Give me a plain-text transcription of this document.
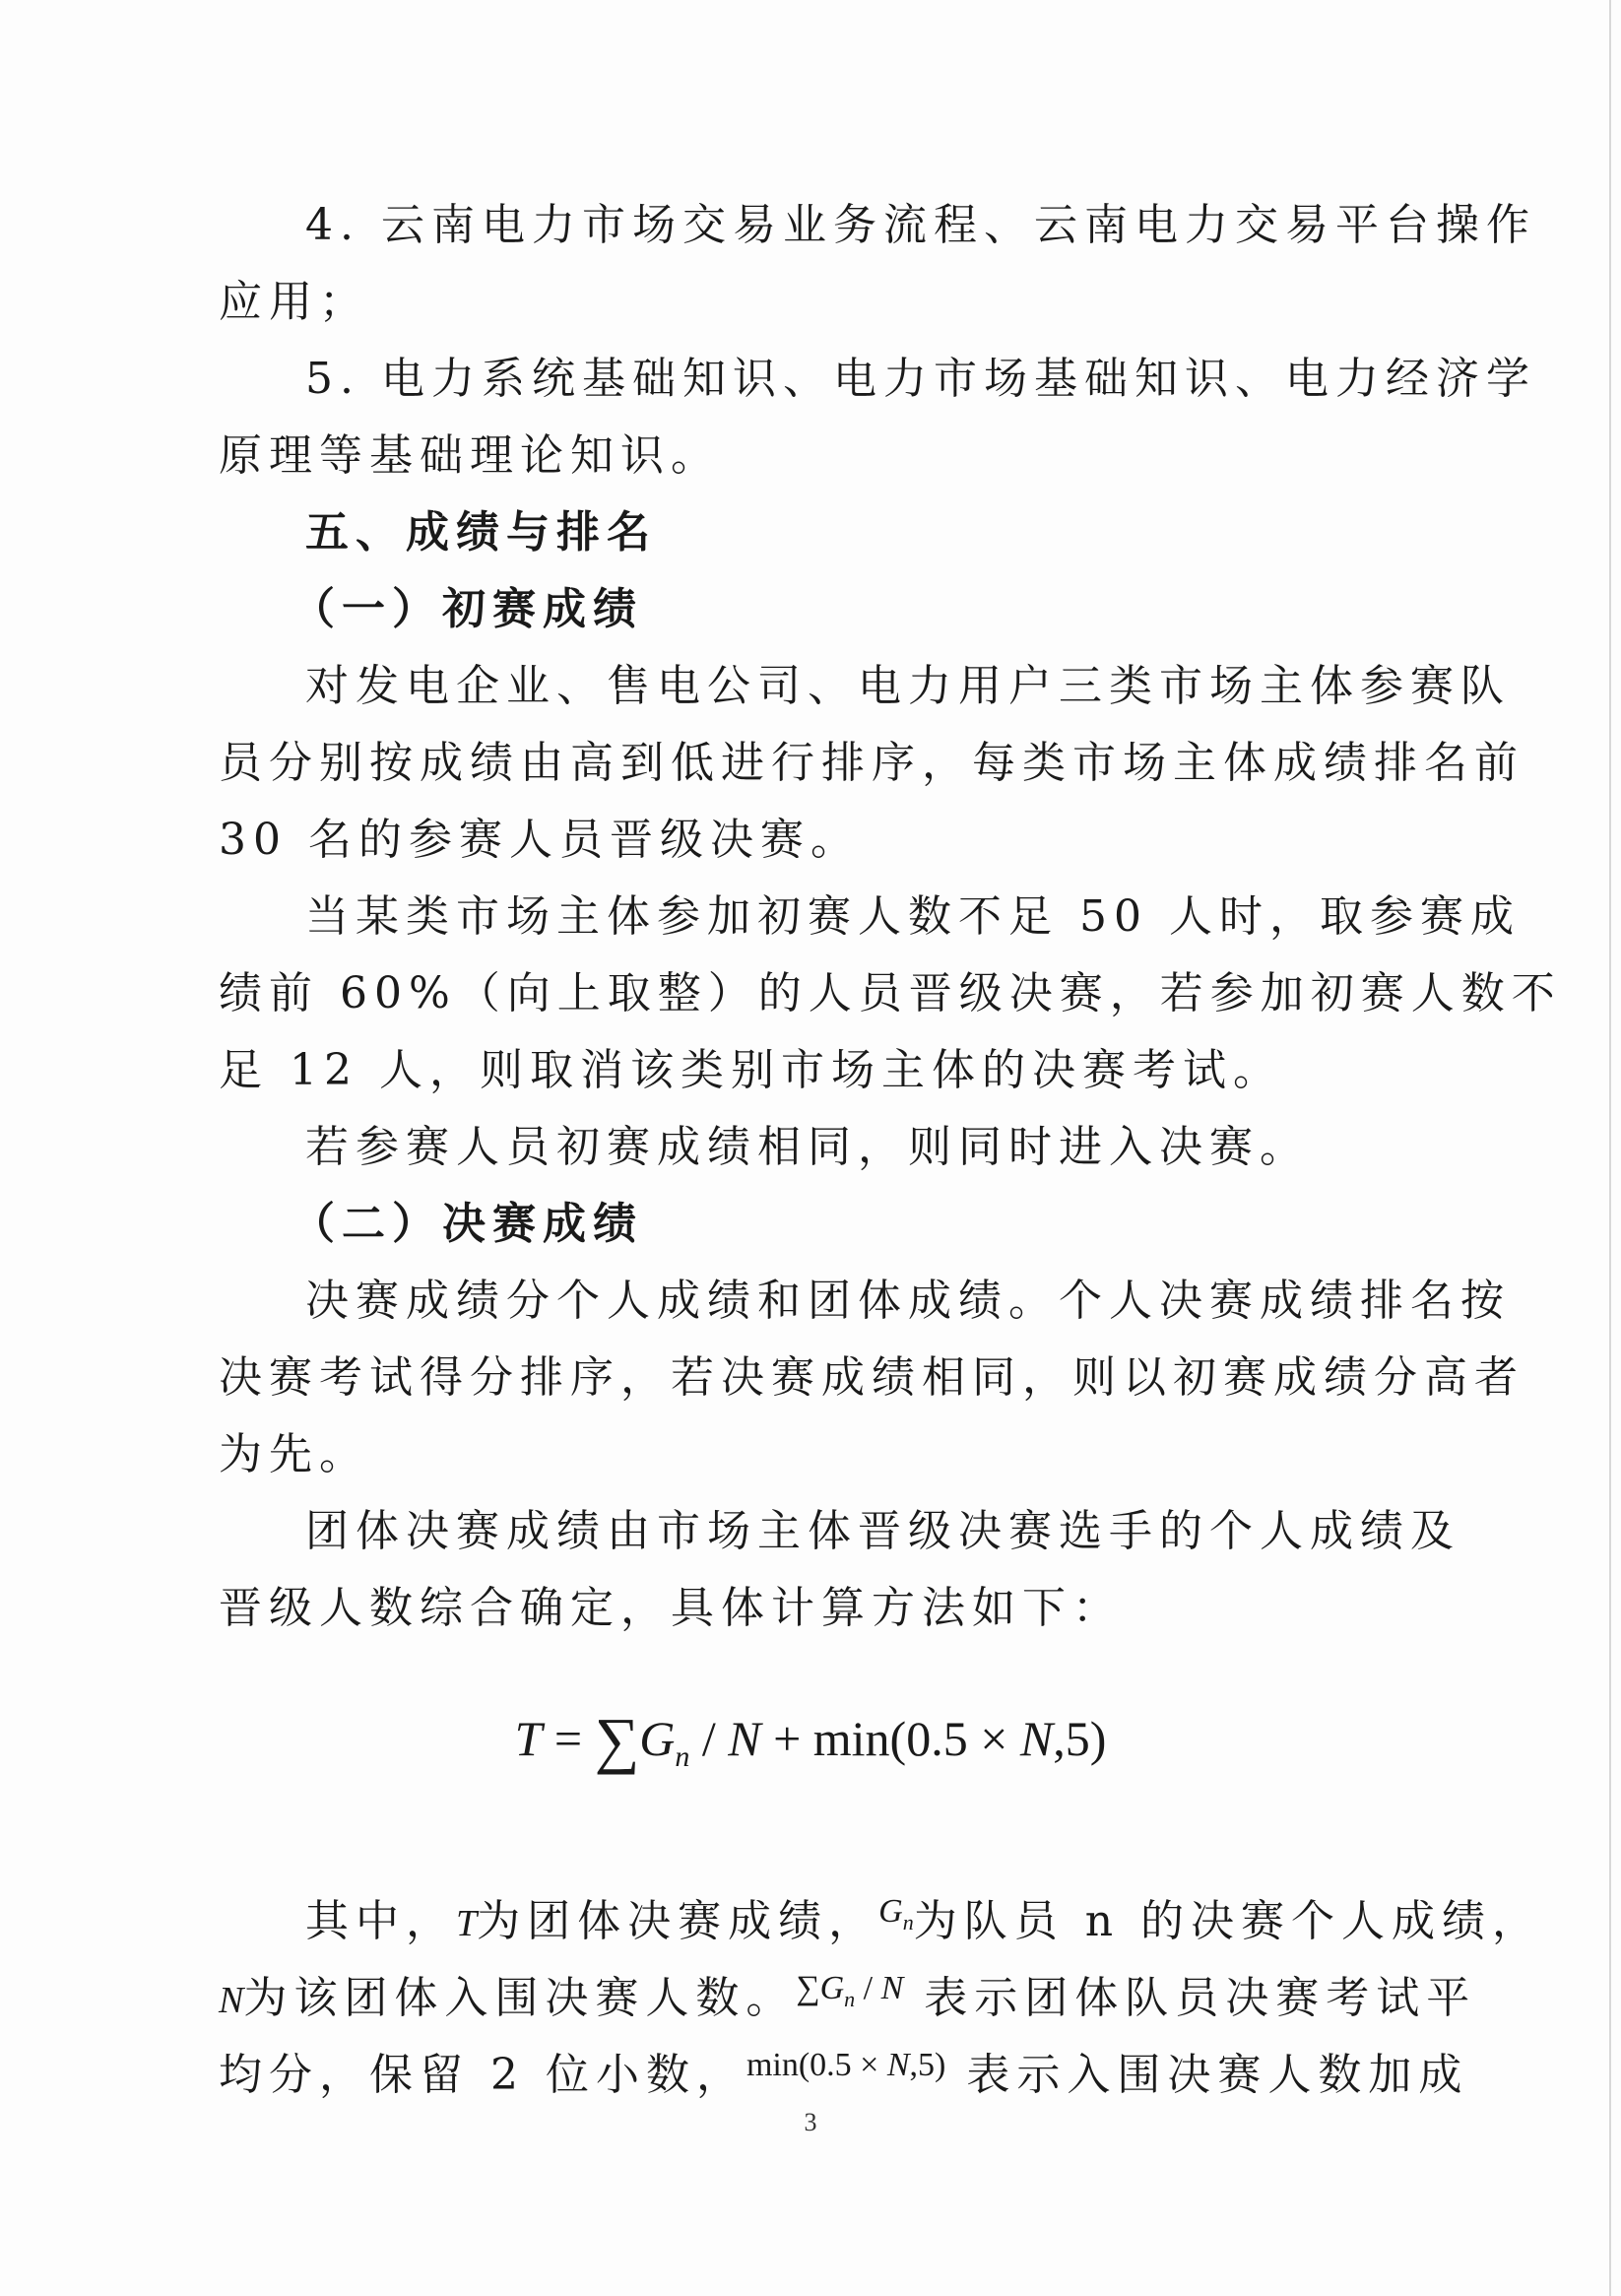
4. 云南电力市场交易业务流程、云南电力交易平台操作
应用；
5. 电力系统基础知识、电力市场基础知识、电力经济学
原理等基础理论知识。
五、成绩与排名
（一）初赛成绩
对发电企业、售电公司、电力用户三类市场主体参赛队
员分别按成绩由高到低进行排序，每类市场主体成绩排名前
30 名的参赛人员晋级决赛。
当某类市场主体参加初赛人数不足 50 人时，取参赛成
绩前 60%（向上取整）的人员晋级决赛，若参加初赛人数不
足 12 人，则取消该类别市场主体的决赛考试。
若参赛人员初赛成绩相同，则同时进入决赛。
（二）决赛成绩
决赛成绩分个人成绩和团体成绩。个人决赛成绩排名按
决赛考试得分排序，若决赛成绩相同，则以初赛成绩分高者
为先。
团体决赛成绩由市场主体晋级决赛选手的个人成绩及
晋级人数综合确定，具体计算方法如下：
$T = \sum G_n / N + \min(0.5 \times N,5)$
其中，T为团体决赛成绩，$^{G_n}$为队员 n 的决赛个人成绩，
N为该团体入围决赛人数。$^{\sum G_n / N}$ 表示团体队员决赛考试平
均分，保留 2 位小数，$^{min(0.5 \times N,5)}$ 表示入围决赛人数加成
3
